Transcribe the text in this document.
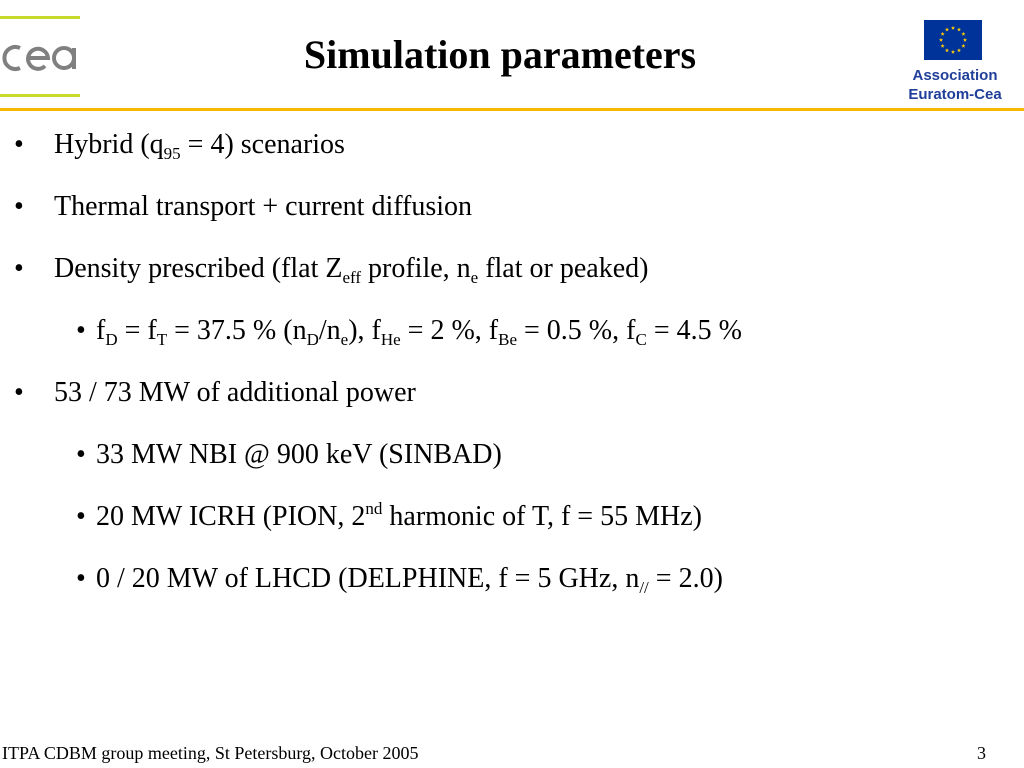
Simulation parameters	Association
Euratom-Cea
• Hybrid $(q_{95} = 4)$ scenarios
• Thermal transport + current diffusion
• Density prescribed (flat $Z_{eff}$ profile, $n_e$ flat or peaked)
• $f_D = f_T = 37.5$ % $(n_D/n_e)$, $f_{He} = 2$ %, $f_{Be} = 0.5$ %, $f_C = 4.5$ %
• 53 / 73 MW of additional power
• 33 MW NBI @ 900 keV (SINBAD)
• 20 MW ICRH (PION, 2nd harmonic of T, f = 55 MHz)
• 0 / 20 MW of LHCD (DELPHINE, f = 5 GHz, $n_{//} = 2.0$)
ITPA CDBM group meeting, St Petersburg, October 2005	3
